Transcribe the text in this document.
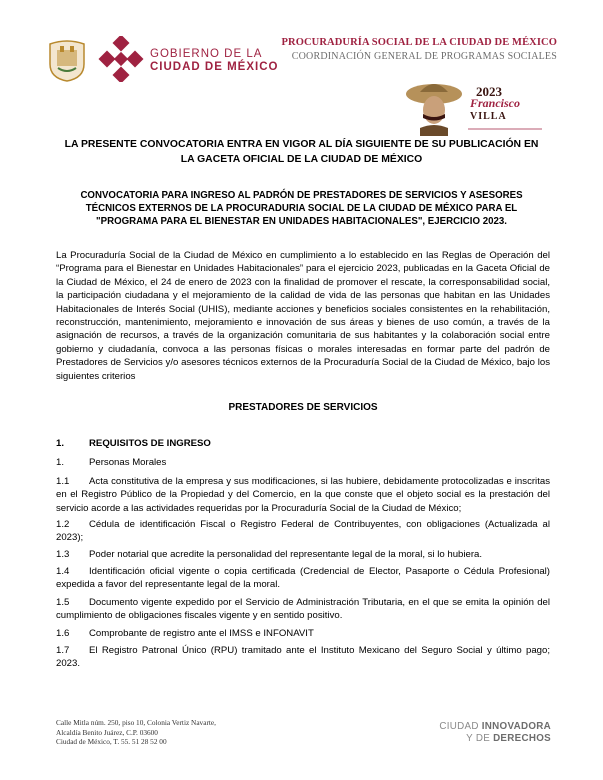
GOBIERNO DE LA
CIUDAD DE MÉXICO
PROCURADURÍA SOCIAL DE LA CIUDAD DE MÉXICO
COORDINACIÓN GENERAL DE PROGRAMAS SOCIALES
2023
Francisco
VILLA
LA PRESENTE CONVOCATORIA ENTRA EN VIGOR AL DÍA SIGUIENTE DE SU PUBLICACIÓN EN LA GACETA OFICIAL DE LA CIUDAD DE MÉXICO
CONVOCATORIA PARA INGRESO AL PADRÓN DE PRESTADORES DE SERVICIOS Y ASESORES TÉCNICOS EXTERNOS DE LA PROCURADURIA SOCIAL DE LA CIUDAD DE MÉXICO PARA EL "PROGRAMA PARA EL BIENESTAR EN UNIDADES HABITACIONALES", EJERCICIO 2023.
La Procuraduría Social de la Ciudad de México en cumplimiento a lo establecido en las Reglas de Operación del “Programa para el Bienestar en Unidades Habitacionales” para el ejercicio 2023, publicadas en la Gaceta Oficial de la Ciudad de México, el 24 de enero de 2023 con la finalidad de promover el rescate, la corresponsabilidad social, la participación ciudadana y el mejoramiento de la calidad de vida de las personas que habitan en las Unidades Habitacionales de Interés Social (UHIS), mediante acciones y beneficios sociales consistentes en la rehabilitación, reconstrucción, mantenimiento, mejoramiento e innovación de sus áreas y bienes de uso común, a través de la asignación de recursos, a través de la organización comunitaria de sus habitantes y la colaboración social entre gobierno y ciudadanía, convoca a las personas físicas o morales interesadas en formar parte del padrón de Prestadores de Servicios y/o asesores técnicos externos de la Procuraduría Social de la Ciudad de México, bajo los siguientes criterios
PRESTADORES DE SERVICIOS
1.	REQUISITOS DE INGRESO
1.	Personas Morales
1.1 Acta constitutiva de la empresa y sus modificaciones, si las hubiere, debidamente protocolizadas e inscritas en el Registro Público de la Propiedad y del Comercio, en la que conste que el objeto social es la prestación del servicio acorde a las actividades requeridas por la Procuraduría Social de la Ciudad de México;
1.2 Cédula de identificación Fiscal o Registro Federal de Contribuyentes, con obligaciones (Actualizada al 2023);
1.3 Poder notarial que acredite la personalidad del representante legal de la moral, si lo hubiera.
1.4 Identificación oficial vigente o copia certificada (Credencial de Elector, Pasaporte o Cédula Profesional) expedida a favor del representante legal de la moral.
1.5 Documento vigente expedido por el Servicio de Administración Tributaria, en el que se emita la opinión del cumplimiento de obligaciones fiscales vigente y en sentido positivo.
1.6 Comprobante de registro ante el IMSS e INFONAVIT
1.7 El Registro Patronal Único (RPU) tramitado ante el Instituto Mexicano del Seguro Social y último pago; 2023.
Calle Mitla núm. 250, piso 10, Colonia Vertiz Navarte,
Alcaldía Benito Juárez, C.P. 03600
Ciudad de México, T. 55. 51 28 52 00
CIUDAD INNOVADORA
Y DE DERECHOS
